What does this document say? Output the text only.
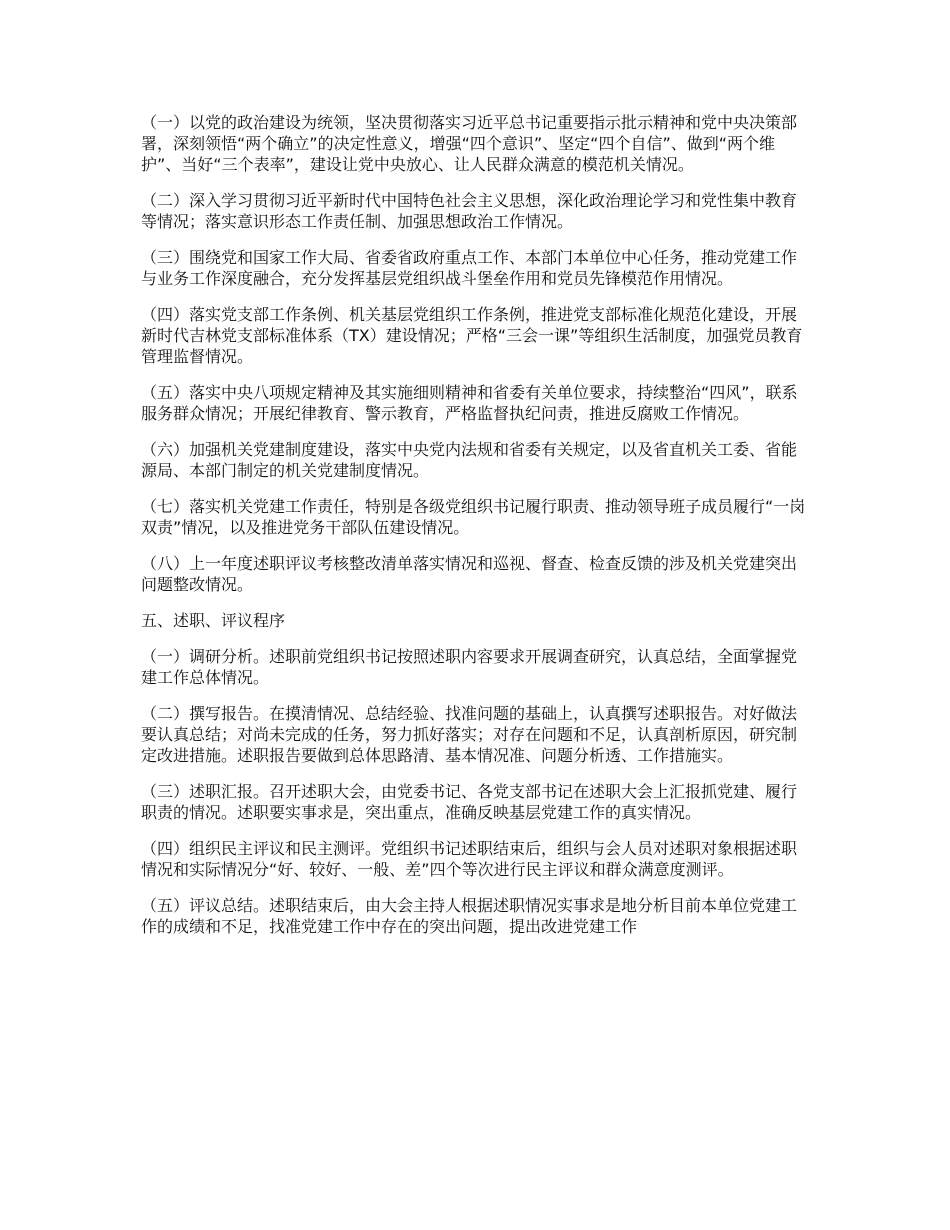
（一）以党的政治建设为统领，坚决贯彻落实习近平总书记重要指示批示精神和党中央决策部署，深刻领悟“两个确立”的决定性意义，增强“四个意识”、坚定“四个自信”、做到“两个维护”、当好“三个表率”，建设让党中央放心、让人民群众满意的模范机关情况。

（二）深入学习贯彻习近平新时代中国特色社会主义思想，深化政治理论学习和党性集中教育等情况；落实意识形态工作责任制、加强思想政治工作情况。

（三）围绕党和国家工作大局、省委省政府重点工作、本部门本单位中心任务，推动党建工作与业务工作深度融合，充分发挥基层党组织战斗堡垒作用和党员先锋模范作用情况。

（四）落实党支部工作条例、机关基层党组织工作条例，推进党支部标准化规范化建设，开展新时代吉林党支部标准体系（TX）建设情况；严格“三会一课”等组织生活制度，加强党员教育管理监督情况。

（五）落实中央八项规定精神及其实施细则精神和省委有关单位要求，持续整治“四风”，联系服务群众情况；开展纪律教育、警示教育，严格监督执纪问责，推进反腐败工作情况。

（六）加强机关党建制度建设，落实中央党内法规和省委有关规定，以及省直机关工委、省能源局、本部门制定的机关党建制度情况。

（七）落实机关党建工作责任，特别是各级党组织书记履行职责、推动领导班子成员履行“一岗双责”情况，以及推进党务干部队伍建设情况。

（八）上一年度述职评议考核整改清单落实情况和巡视、督查、检查反馈的涉及机关党建突出问题整改情况。

五、述职、评议程序

（一）调研分析。述职前党组织书记按照述职内容要求开展调查研究，认真总结，全面掌握党建工作总体情况。

（二）撰写报告。在摸清情况、总结经验、找准问题的基础上，认真撰写述职报告。对好做法要认真总结；对尚未完成的任务，努力抓好落实；对存在问题和不足，认真剖析原因，研究制定改进措施。述职报告要做到总体思路清、基本情况准、问题分析透、工作措施实。

（三）述职汇报。召开述职大会，由党委书记、各党支部书记在述职大会上汇报抓党建、履行职责的情况。述职要实事求是，突出重点，准确反映基层党建工作的真实情况。

（四）组织民主评议和民主测评。党组织书记述职结束后，组织与会人员对述职对象根据述职情况和实际情况分“好、较好、一般、差”四个等次进行民主评议和群众满意度测评。

（五）评议总结。述职结束后，由大会主持人根据述职情况实事求是地分析目前本单位党建工作的成绩和不足，找准党建工作中存在的突出问题，提出改进党建工作
